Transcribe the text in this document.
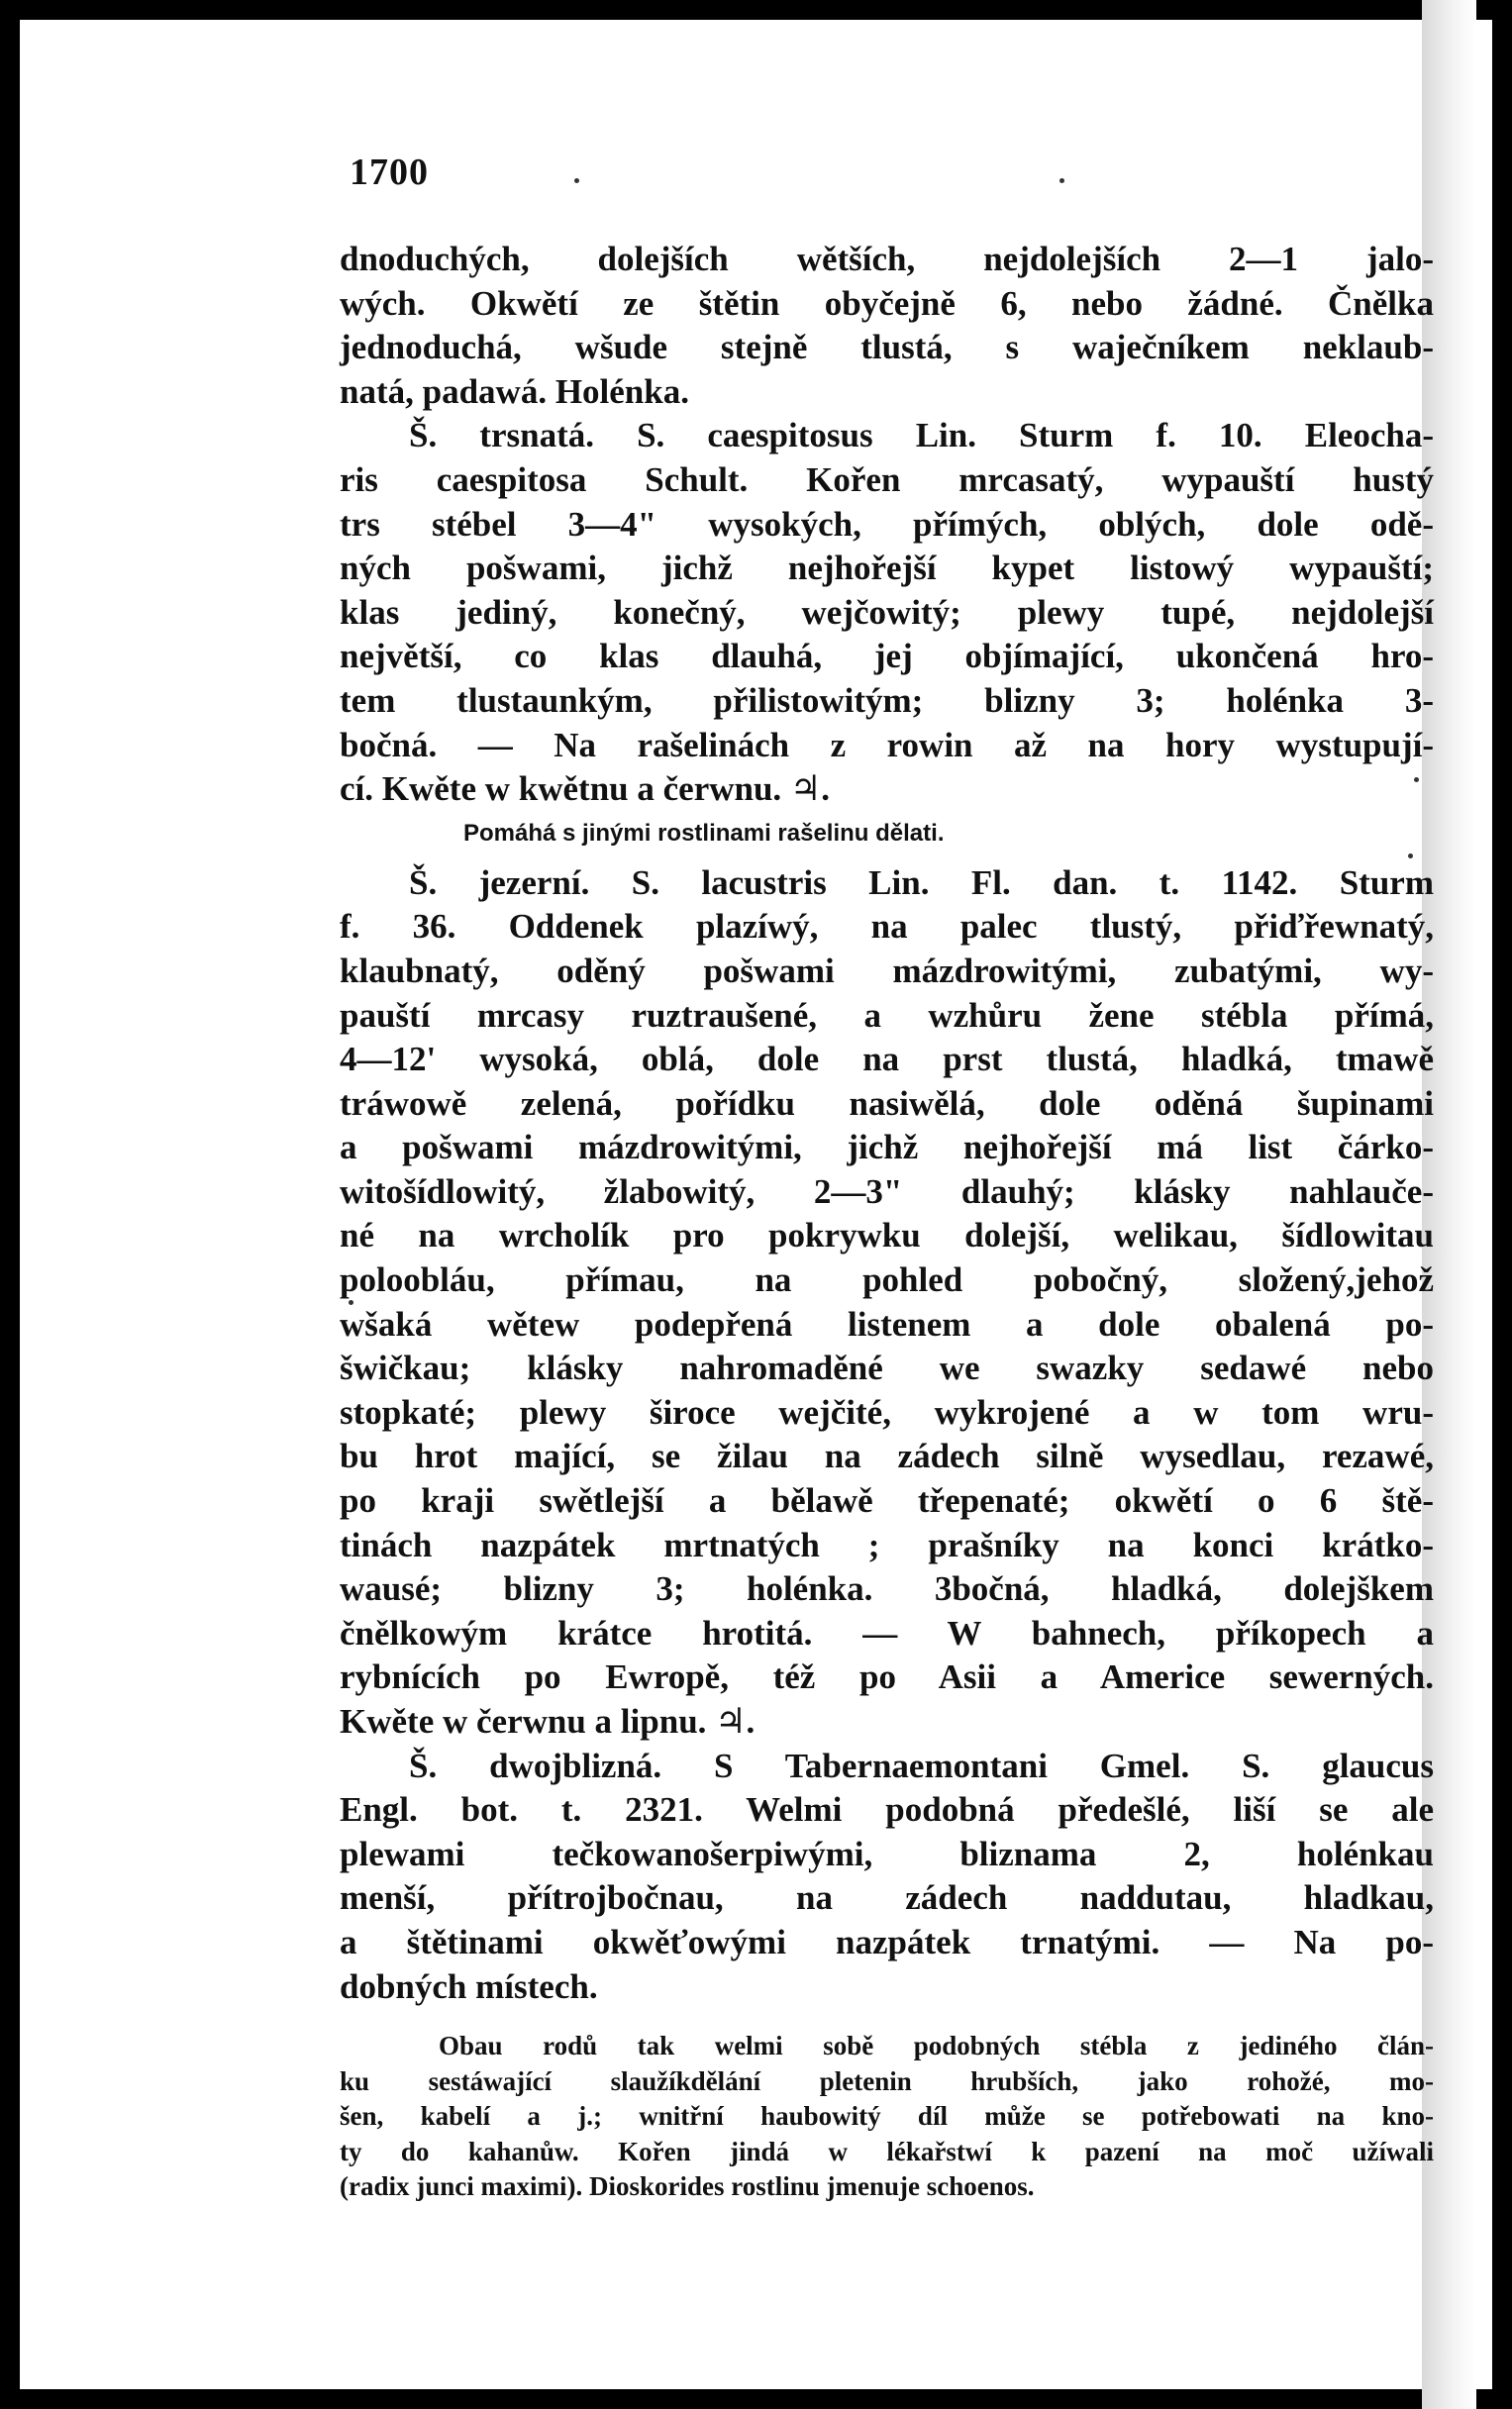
1700
dnoduchých, dolejších wětších, nejdolejších 2—1 jalo-
wých. Okwětí ze štětin obyčejně 6, nebo žádné. Čnělka
jednoduchá, wšude stejně tlustá, s waječníkem neklaub-
natá, padawá. Holénka.
Š. trsnatá. S. caespitosus Lin. Sturm f. 10. Eleocha-
ris caespitosa Schult. Kořen mrcasatý, wypauští hustý
trs stébel 3—4" wysokých, přímých, oblých, dole odě-
ných pošwami, jichž nejhořejší kypet listowý wypauští;
klas jediný, konečný, wejčowitý; plewy tupé, nejdolejší
největší, co klas dlauhá, jej objímající, ukončená hro-
tem tlustaunkým, přilistowitým; blizny 3; holénka 3-
bočná. — Na rašelinách z rowin až na hory wystupují-
cí. Kwěte w kwětnu a čerwnu. ♃.
Pomáhá s jinými rostlinami rašelinu dělati.
Š. jezerní. S. lacustris Lin. Fl. dan. t. 1142. Sturm
f. 36. Oddenek plazíwý, na palec tlustý, přiďřewnatý,
klaubnatý, oděný pošwami mázdrowitými, zubatými, wy-
pauští mrcasy ruztraušené, a wzhůru žene stébla přímá,
4—12' wysoká, oblá, dole na prst tlustá, hladká, tmawě
tráwowě zelená, pořídku nasiwělá, dole oděná šupinami
a pošwami mázdrowitými, jichž nejhořejší má list čárko-
witošídlowitý, žlabowitý, 2—3" dlauhý; klásky nahlauče-
né na wrcholík pro pokrywku dolejší, welikau, šídlowitau
poloobláu, přímau, na pohled pobočný, složený,jehož
wšaká wětew podepřená listenem a dole obalená po-
šwičkau; klásky nahromaděné we swazky sedawé nebo
stopkaté; plewy široce wejčité, wykrojené a w tom wru-
bu hrot mající, se žilau na zádech silně wysedlau, rezawé,
po kraji swětlejší a bělawě třepenaté; okwětí o 6 ště-
tinách nazpátek mrtnatých ; prašníky na konci krátko-
wausé; blizny 3; holénka. 3bočná, hladká, dolejškem
čnělkowým krátce hrotitá. — W bahnech, příkopech a
rybnících po Ewropě, též po Asii a Americe sewerných.
Kwěte w čerwnu a lipnu. ♃.
Š. dwojblizná. S Tabernaemontani Gmel. S. glaucus
Engl. bot. t. 2321. Welmi podobná předešlé, liší se ale
plewami tečkowanošerpiwými, bliznama 2, holénkau
menší, přítrojbočnau, na zádech naddutau, hladkau,
a štětinami okwěťowými nazpátek trnatými. — Na po-
dobných místech.
Obau rodů tak welmi sobě podobných stébla z jediného člán-
ku sestáwající slaužíkdělání pletenin hrubších, jako rohožé, mo-
šen, kabelí a j.; wnitřní haubowitý díl může se potřebowati na kno-
ty do kahanůw. Kořen jindá w lékařstwí k pazení na moč užíwali
(radix junci maximi). Dioskorides rostlinu jmenuje schoenos.
